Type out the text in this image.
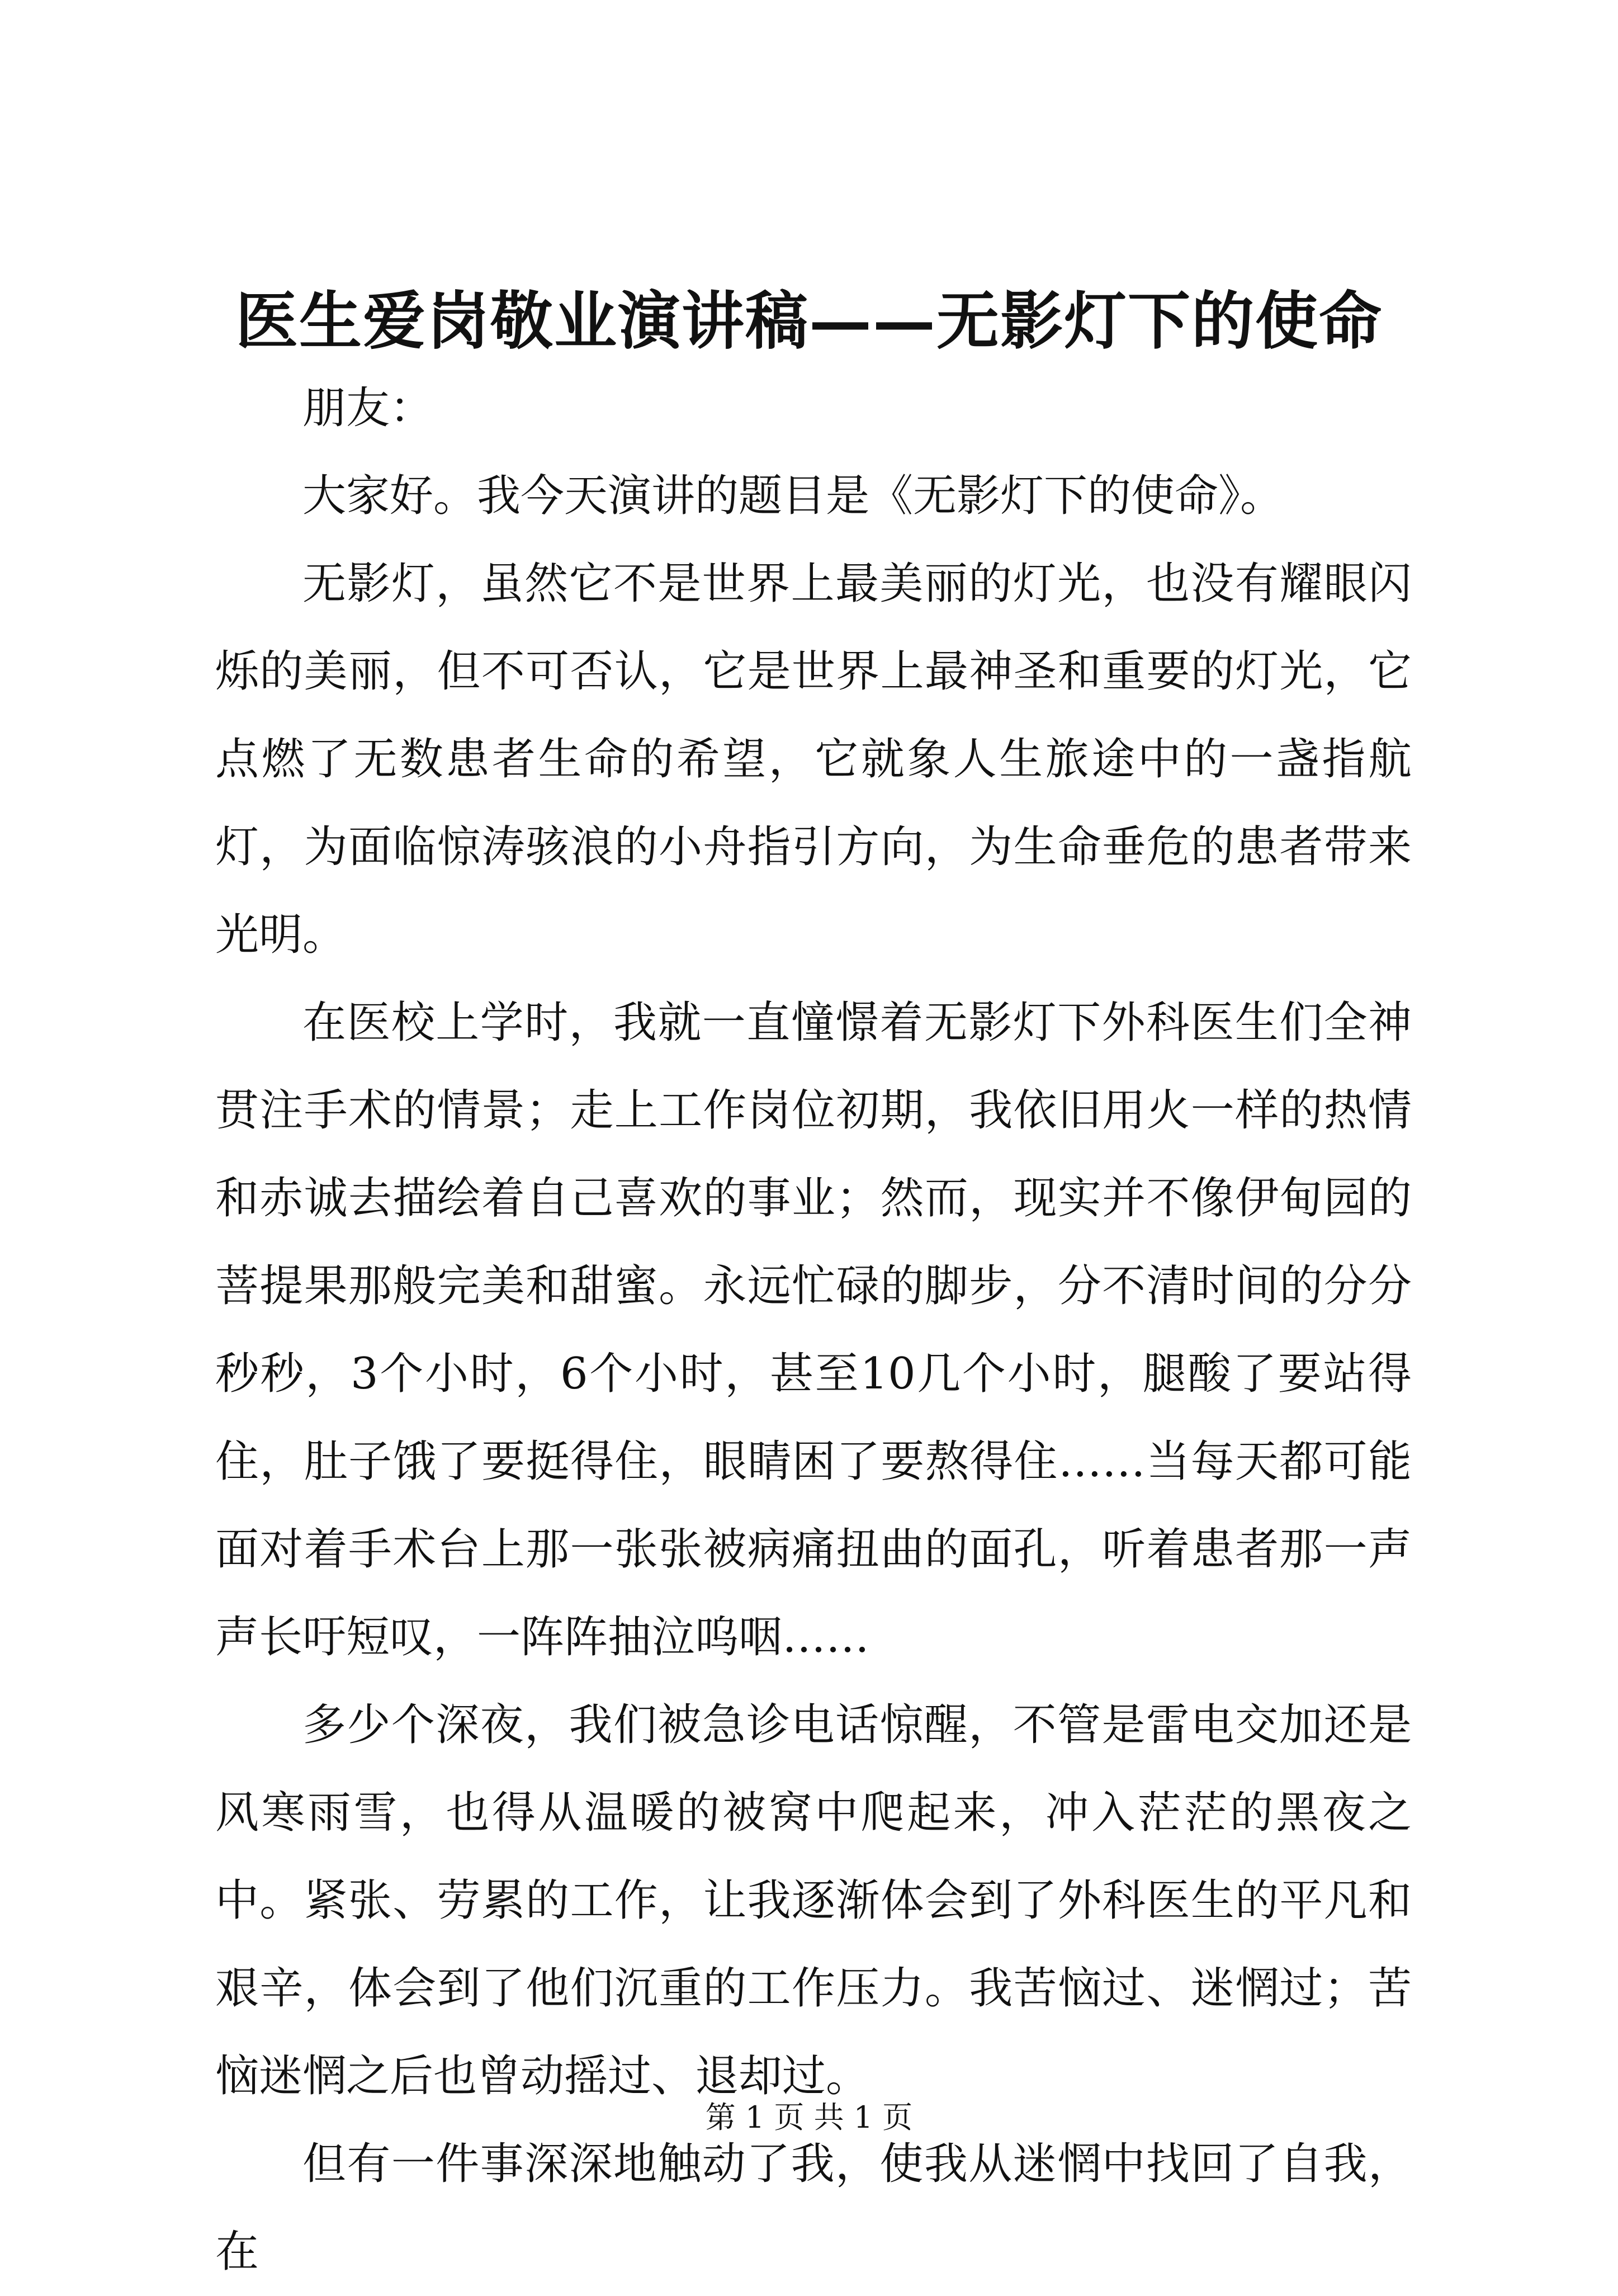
医生爱岗敬业演讲稿——无影灯下的使命

朋友：

大家好。我今天演讲的题目是《无影灯下的使命》。

无影灯，虽然它不是世界上最美丽的灯光，也没有耀眼闪烁的美丽，但不可否认，它是世界上最神圣和重要的灯光，它点燃了无数患者生命的希望，它就象人生旅途中的一盏指航灯，为面临惊涛骇浪的小舟指引方向，为生命垂危的患者带来光明。

在医校上学时，我就一直憧憬着无影灯下外科医生们全神贯注手术的情景；走上工作岗位初期，我依旧用火一样的热情和赤诚去描绘着自己喜欢的事业；然而，现实并不像伊甸园的菩提果那般完美和甜蜜。永远忙碌的脚步，分不清时间的分分秒秒，3个小时，6个小时，甚至10几个小时，腿酸了要站得住，肚子饿了要挺得住，眼睛困了要熬得住……当每天都可能面对着手术台上那一张张被病痛扭曲的面孔，听着患者那一声声长吁短叹，一阵阵抽泣呜咽……

多少个深夜，我们被急诊电话惊醒，不管是雷电交加还是风寒雨雪，也得从温暖的被窝中爬起来，冲入茫茫的黑夜之中。紧张、劳累的工作，让我逐渐体会到了外科医生的平凡和艰辛，体会到了他们沉重的工作压力。我苦恼过、迷惘过；苦恼迷惘之后也曾动摇过、退却过。

但有一件事深深地触动了我，使我从迷惘中找回了自我，在

第 1 页 共 1 页
